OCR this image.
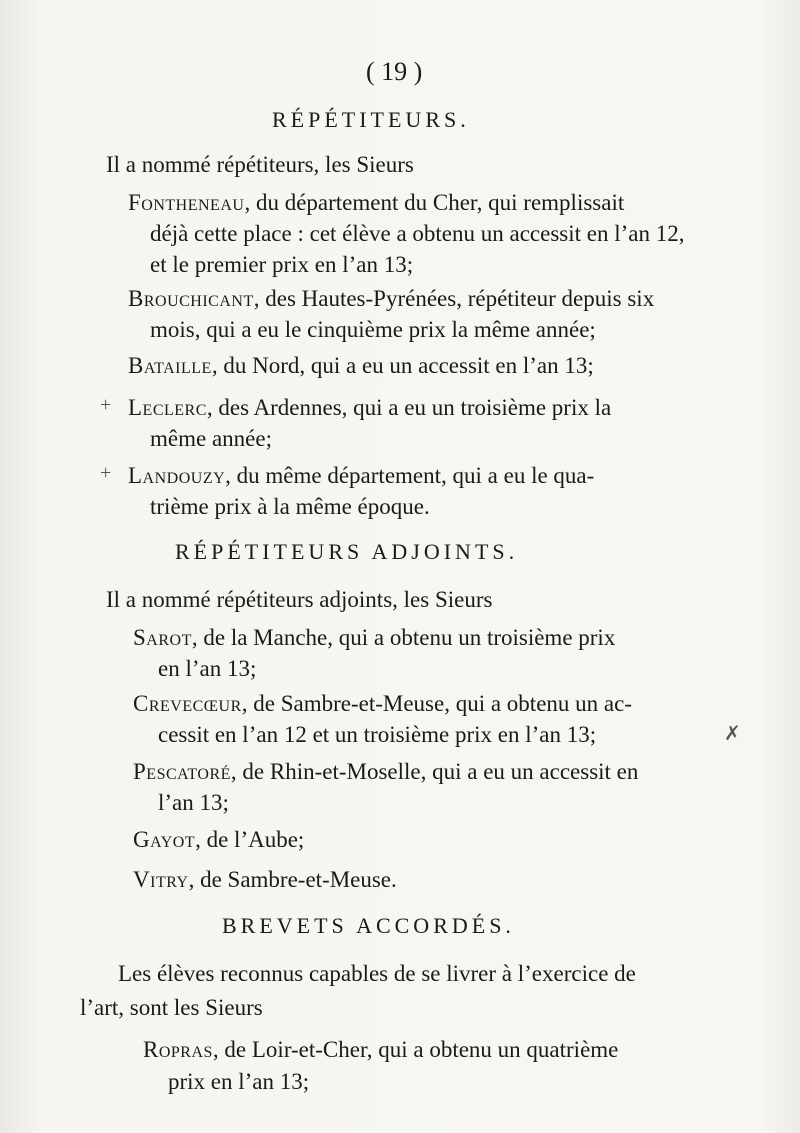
( 19 )
RÉPÉTITEURS.
Il a nommé répétiteurs, les Sieurs
Fontheneau, du département du Cher, qui remplissait
déjà cette place : cet élève a obtenu un accessit en l’an 12,
et le premier prix en l’an 13;
Brouchicant, des Hautes-Pyrénées, répétiteur depuis six
mois, qui a eu le cinquième prix la même année;
Bataille, du Nord, qui a eu un accessit en l’an 13;
+ Leclerc, des Ardennes, qui a eu un troisième prix la
même année;
+ Landouzy, du même département, qui a eu le qua-
trième prix à la même époque.
RÉPÉTITEURS ADJOINTS.
Il a nommé répétiteurs adjoints, les Sieurs
Sarot, de la Manche, qui a obtenu un troisième prix
en l’an 13;
Crevecœur, de Sambre-et-Meuse, qui a obtenu un ac-
cessit en l’an 12 et un troisième prix en l’an 13;	✗
Pescatoré, de Rhin-et-Moselle, qui a eu un accessit en
l’an 13;
Gayot, de l’Aube;
Vitry, de Sambre-et-Meuse.
BREVETS ACCORDÉS.
Les élèves reconnus capables de se livrer à l’exercice de
l’art, sont les Sieurs
Ropras, de Loir-et-Cher, qui a obtenu un quatrième
prix en l’an 13;
